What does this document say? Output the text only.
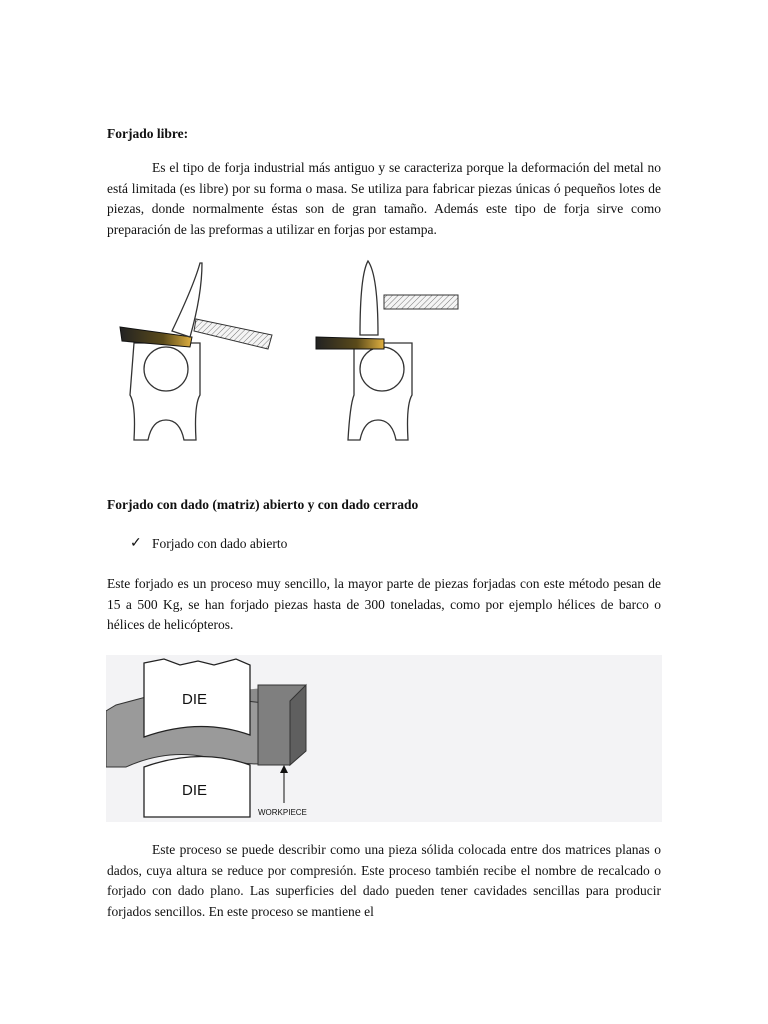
Forjado libre:

Es el tipo de forja industrial más antiguo y se caracteriza porque la deformación del metal no está limitada (es libre) por su forma o masa. Se utiliza para fabricar piezas únicas ó pequeños lotes de piezas, donde normalmente éstas son de gran tamaño. Además este tipo de forja sirve como preparación de las preformas a utilizar en forjas por estampa.

Forjado con dado (matriz) abierto y con dado cerrado
✓ Forjado con dado abierto

Este forjado es un proceso muy sencillo, la mayor parte de piezas forjadas con este método pesan de 15 a 500 Kg, se han forjado piezas hasta de 300 toneladas, como por ejemplo hélices de barco o hélices de helicópteros.

DIE
DIE
WORKPIECE

Este proceso se puede describir como una pieza sólida colocada entre dos matrices planas o dados, cuya altura se reduce por compresión. Este proceso también recibe el nombre de recalcado o forjado con dado plano. Las superficies del dado pueden tener cavidades sencillas para producir forjados sencillos. En este proceso se mantiene el
